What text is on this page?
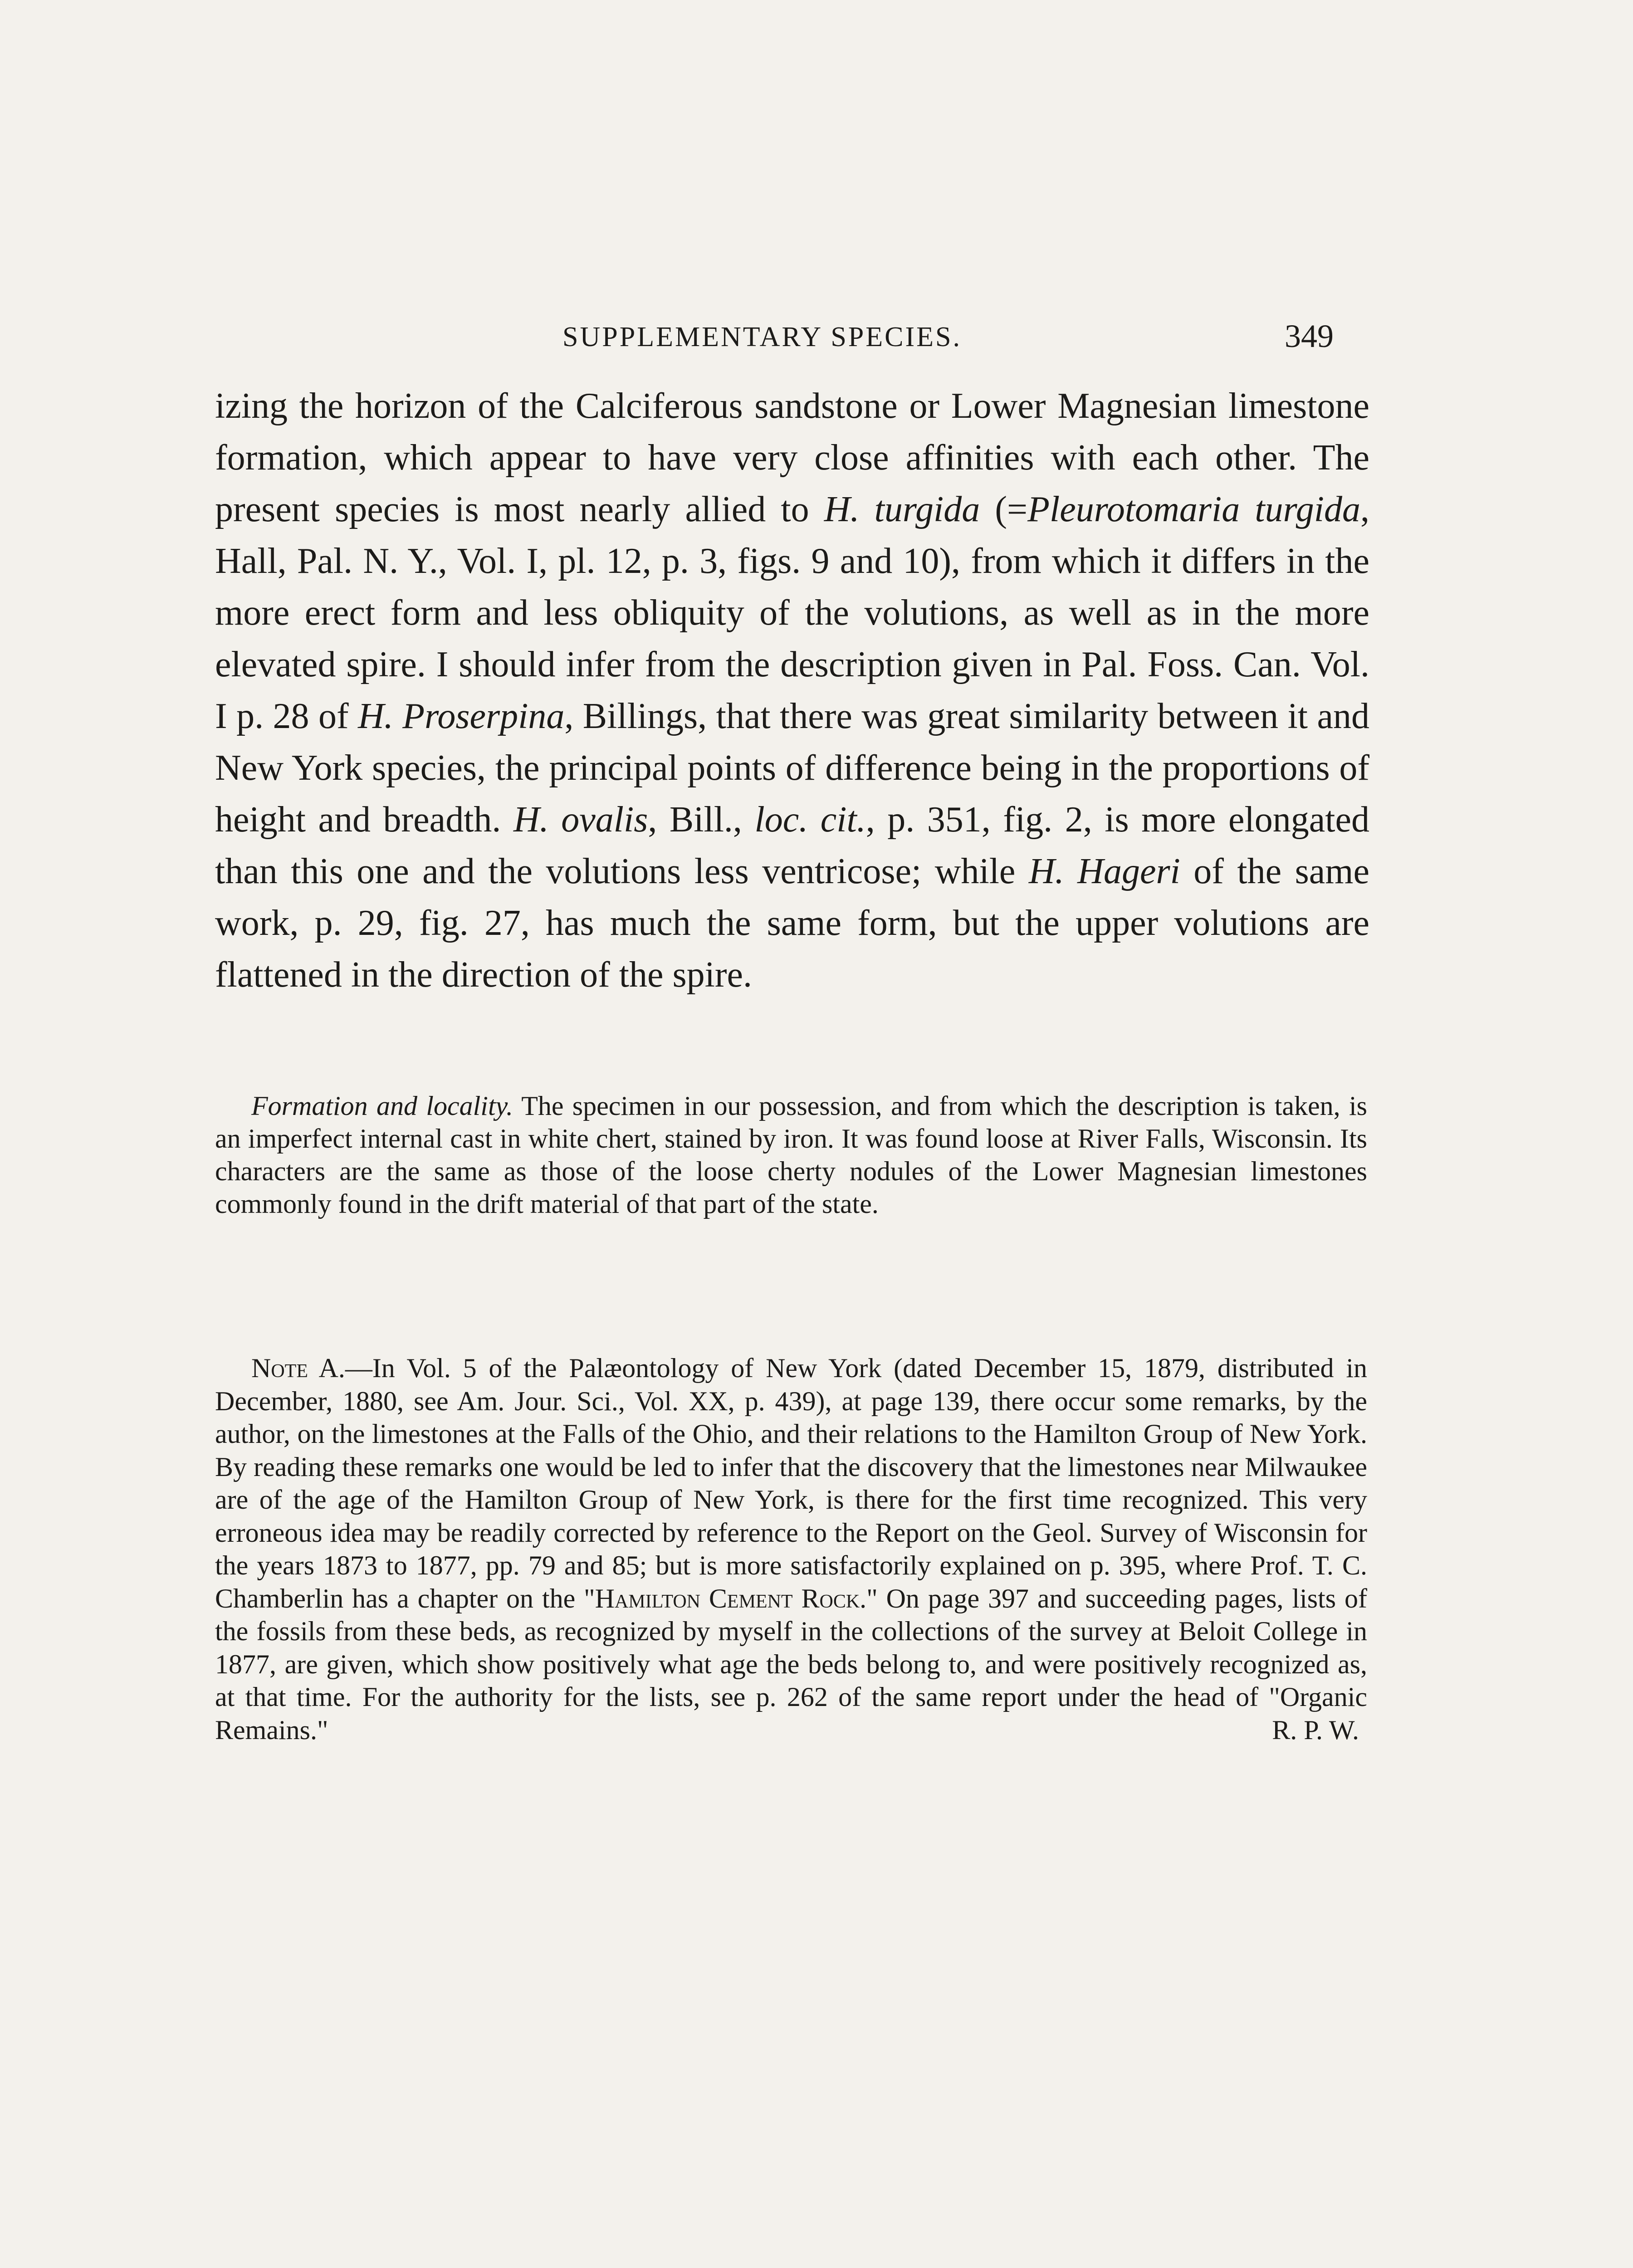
SUPPLEMENTARY SPECIES.	349

izing the horizon of the Calciferous sandstone or Lower Magnesian limestone formation, which appear to have very close affinities with each other. The present species is most nearly allied to H. turgida (=Pleurotomaria turgida, Hall, Pal. N. Y., Vol. I, pl. 12, p. 3, figs. 9 and 10), from which it differs in the more erect form and less obliquity of the volutions, as well as in the more elevated spire. I should infer from the description given in Pal. Foss. Can. Vol. I p. 28 of H. Proserpina, Billings, that there was great similarity between it and New York species, the principal points of difference being in the proportions of height and breadth. H. ovalis, Bill., loc. cit., p. 351, fig. 2, is more elongated than this one and the volutions less ventricose; while H. Hageri of the same work, p. 29, fig. 27, has much the same form, but the upper volutions are flattened in the direction of the spire.

Formation and locality. The specimen in our possession, and from which the description is taken, is an imperfect internal cast in white chert, stained by iron. It was found loose at River Falls, Wisconsin. Its characters are the same as those of the loose cherty nodules of the Lower Magnesian limestones commonly found in the drift material of that part of the state.

Note A.—In Vol. 5 of the Palæontology of New York (dated December 15, 1879, distributed in December, 1880, see Am. Jour. Sci., Vol. XX, p. 439), at page 139, there occur some remarks, by the author, on the limestones at the Falls of the Ohio, and their relations to the Hamilton Group of New York. By reading these remarks one would be led to infer that the discovery that the limestones near Milwaukee are of the age of the Hamilton Group of New York, is there for the first time recognized. This very erroneous idea may be readily corrected by reference to the Report on the Geol. Survey of Wisconsin for the years 1873 to 1877, pp. 79 and 85; but is more satisfactorily explained on p. 395, where Prof. T. C. Chamberlin has a chapter on the "Hamilton Cement Rock." On page 397 and succeeding pages, lists of the fossils from these beds, as recognized by myself in the collections of the survey at Beloit College in 1877, are given, which show positively what age the beds belong to, and were positively recognized as, at that time. For the authority for the lists, see p. 262 of the same report under the head of "Organic Remains."	R. P. W.
